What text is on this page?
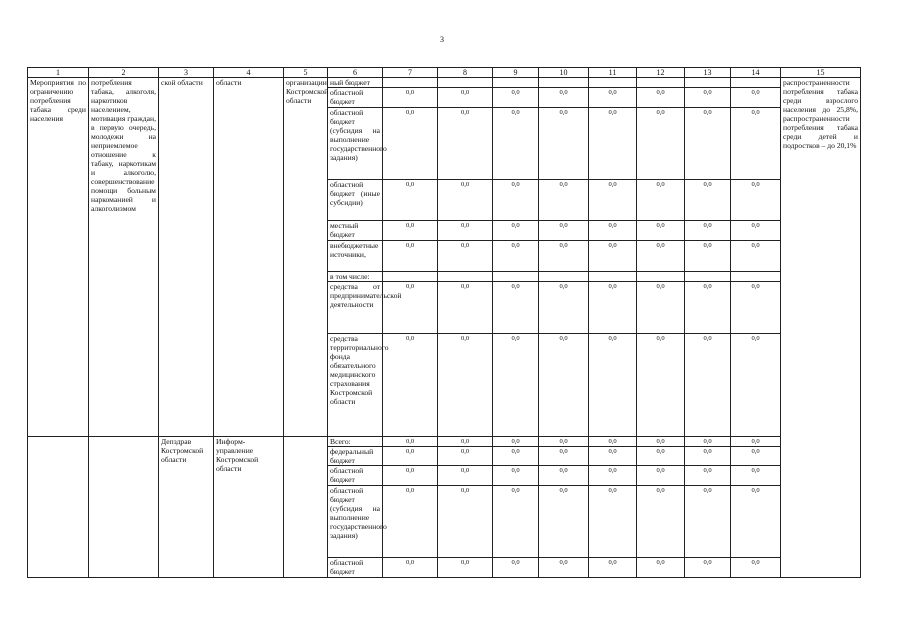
3
1	2	3	4	5	6	7	8	9	10	11	12	13	14	15
Мероприятия по ограничению потребления табака среди населения	потребления табака, алкоголя, наркотиков населением, мотивация граждан, в первую очередь, молодежи на неприемлемое отношение к табаку, наркотикам и алкоголю, совершенствование помощи больным наркоманией и алкоголизмом	ской области	области	организации Костромской области	ный бюджет									распространенности потребления табака среди взрослого населения до 25,8%, распространенности потребления табака среди детей и подростков – до 20,1%
					областной бюджет	0,0	0,0	0,0	0,0	0,0	0,0	0,0	0,0	
					областной бюджет (субсидия на выполнение государственного задания)	0,0	0,0	0,0	0,0	0,0	0,0	0,0	0,0	
					областной бюджет (иные субсидии)	0,0	0,0	0,0	0,0	0,0	0,0	0,0	0,0	
					местный бюджет	0,0	0,0	0,0	0,0	0,0	0,0	0,0	0,0	
					внебюджетные источники,	0,0	0,0	0,0	0,0	0,0	0,0	0,0	0,0	
					в том числе:									
					средства от предпринимательской деятельности	0,0	0,0	0,0	0,0	0,0	0,0	0,0	0,0	
					средства территориального фонда обязательного медицинского страхования Костромской области	0,0	0,0	0,0	0,0	0,0	0,0	0,0	0,0	
		Депздрав Костромской области	Информ-управление Костромской области		Всего:	0,0	0,0	0,0	0,0	0,0	0,0	0,0	0,0	
					федеральный бюджет	0,0	0,0	0,0	0,0	0,0	0,0	0,0	0,0	
					областной бюджет	0,0	0,0	0,0	0,0	0,0	0,0	0,0	0,0	
					областной бюджет (субсидия на выполнение государственного задания)	0,0	0,0	0,0	0,0	0,0	0,0	0,0	0,0	
					областной бюджет	0,0	0,0	0,0	0,0	0,0	0,0	0,0	0,0	
